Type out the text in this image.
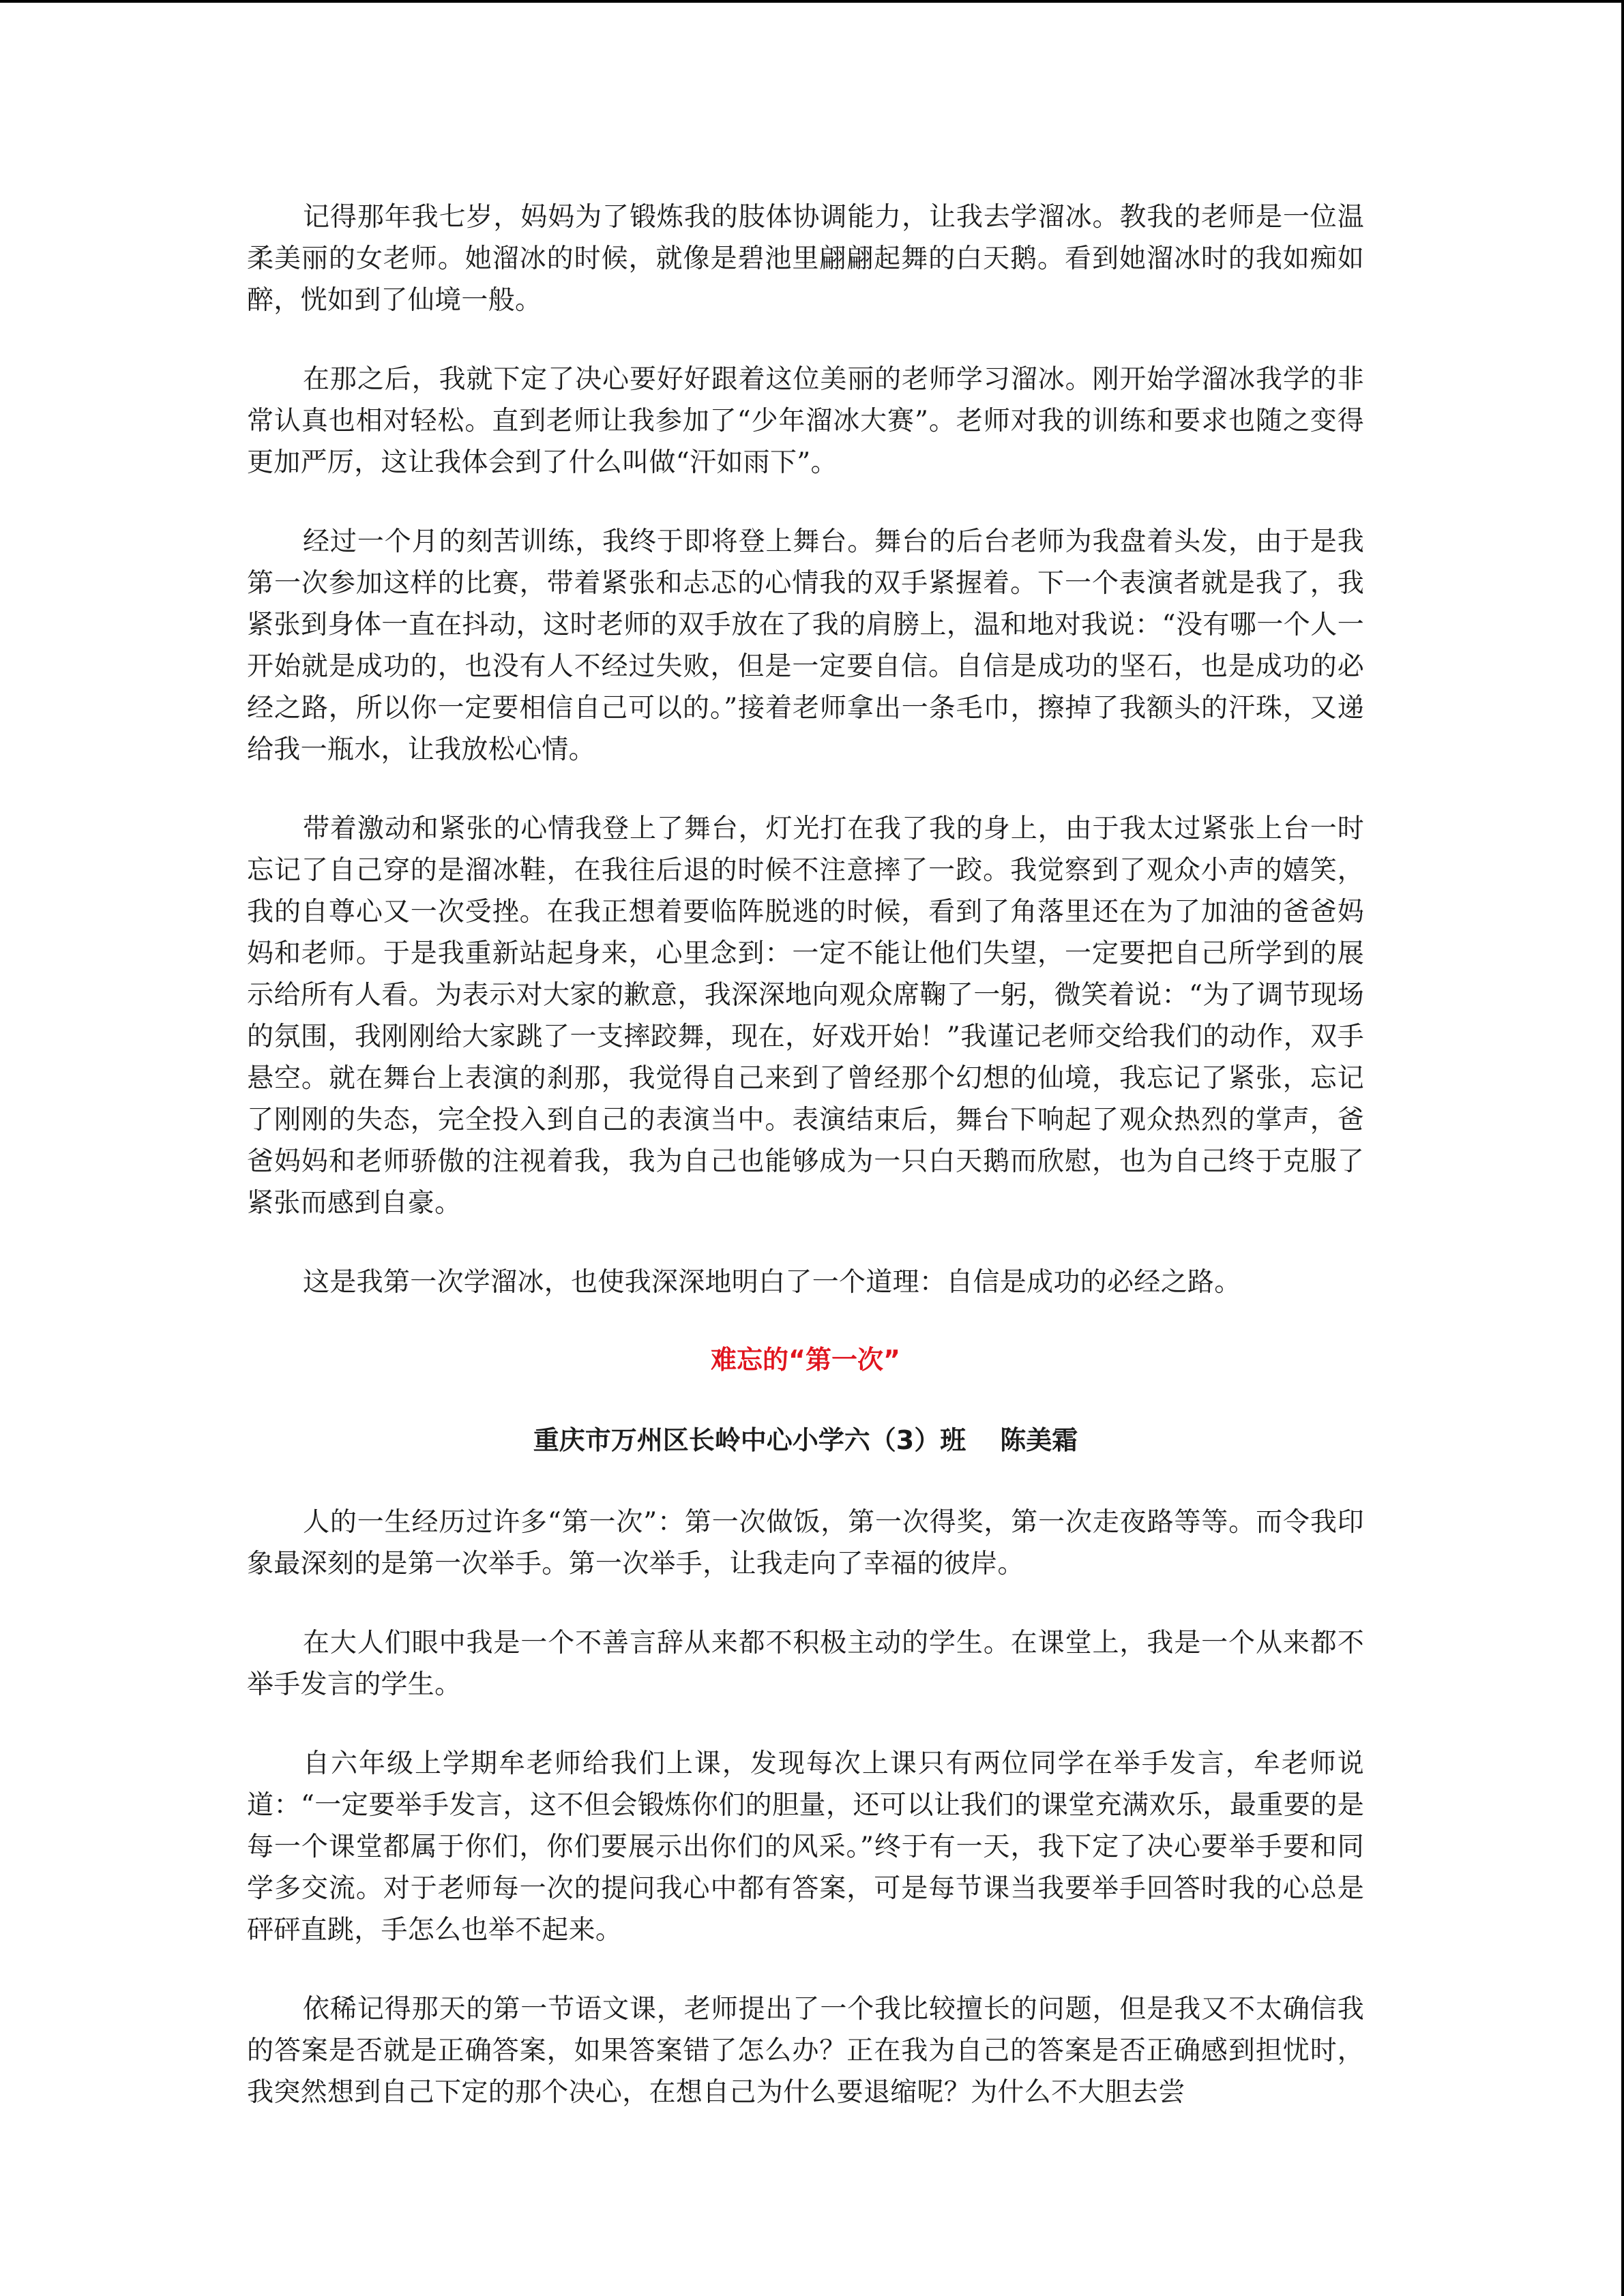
记得那年我七岁，妈妈为了锻炼我的肢体协调能力，让我去学溜冰。教我的老师是一位温柔美丽的女老师。她溜冰的时候，就像是碧池里翩翩起舞的白天鹅。看到她溜冰时的我如痴如醉，恍如到了仙境一般。

在那之后，我就下定了决心要好好跟着这位美丽的老师学习溜冰。刚开始学溜冰我学的非常认真也相对轻松。直到老师让我参加了“少年溜冰大赛”。老师对我的训练和要求也随之变得更加严厉，这让我体会到了什么叫做“汗如雨下”。

经过一个月的刻苦训练，我终于即将登上舞台。舞台的后台老师为我盘着头发，由于是我第一次参加这样的比赛，带着紧张和忐忑的心情我的双手紧握着。下一个表演者就是我了，我紧张到身体一直在抖动，这时老师的双手放在了我的肩膀上，温和地对我说：“没有哪一个人一开始就是成功的，也没有人不经过失败，但是一定要自信。自信是成功的坚石，也是成功的必经之路，所以你一定要相信自己可以的。”接着老师拿出一条毛巾，擦掉了我额头的汗珠，又递给我一瓶水，让我放松心情。

带着激动和紧张的心情我登上了舞台，灯光打在我了我的身上，由于我太过紧张上台一时忘记了自己穿的是溜冰鞋，在我往后退的时候不注意摔了一跤。我觉察到了观众小声的嬉笑，我的自尊心又一次受挫。在我正想着要临阵脱逃的时候，看到了角落里还在为了加油的爸爸妈妈和老师。于是我重新站起身来，心里念到：一定不能让他们失望，一定要把自己所学到的展示给所有人看。为表示对大家的歉意，我深深地向观众席鞠了一躬，微笑着说：“为了调节现场的氛围，我刚刚给大家跳了一支摔跤舞，现在，好戏开始！”我谨记老师交给我们的动作，双手悬空。就在舞台上表演的刹那，我觉得自己来到了曾经那个幻想的仙境，我忘记了紧张，忘记了刚刚的失态，完全投入到自己的表演当中。表演结束后，舞台下响起了观众热烈的掌声，爸爸妈妈和老师骄傲的注视着我，我为自己也能够成为一只白天鹅而欣慰，也为自己终于克服了紧张而感到自豪。

这是我第一次学溜冰，也使我深深地明白了一个道理：自信是成功的必经之路。

难忘的“第一次”
重庆市万州区长岭中心小学六（3）班 陈美霜

人的一生经历过许多“第一次”：第一次做饭，第一次得奖，第一次走夜路等等。而令我印象最深刻的是第一次举手。第一次举手，让我走向了幸福的彼岸。

在大人们眼中我是一个不善言辞从来都不积极主动的学生。在课堂上，我是一个从来都不举手发言的学生。

自六年级上学期牟老师给我们上课，发现每次上课只有两位同学在举手发言，牟老师说道：“一定要举手发言，这不但会锻炼你们的胆量，还可以让我们的课堂充满欢乐，最重要的是每一个课堂都属于你们，你们要展示出你们的风采。”终于有一天，我下定了决心要举手要和同学多交流。对于老师每一次的提问我心中都有答案，可是每节课当我要举手回答时我的心总是砰砰直跳，手怎么也举不起来。

依稀记得那天的第一节语文课，老师提出了一个我比较擅长的问题，但是我又不太确信我的答案是否就是正确答案，如果答案错了怎么办？正在我为自己的答案是否正确感到担忧时，我突然想到自己下定的那个决心，在想自己为什么要退缩呢？为什么不大胆去尝
